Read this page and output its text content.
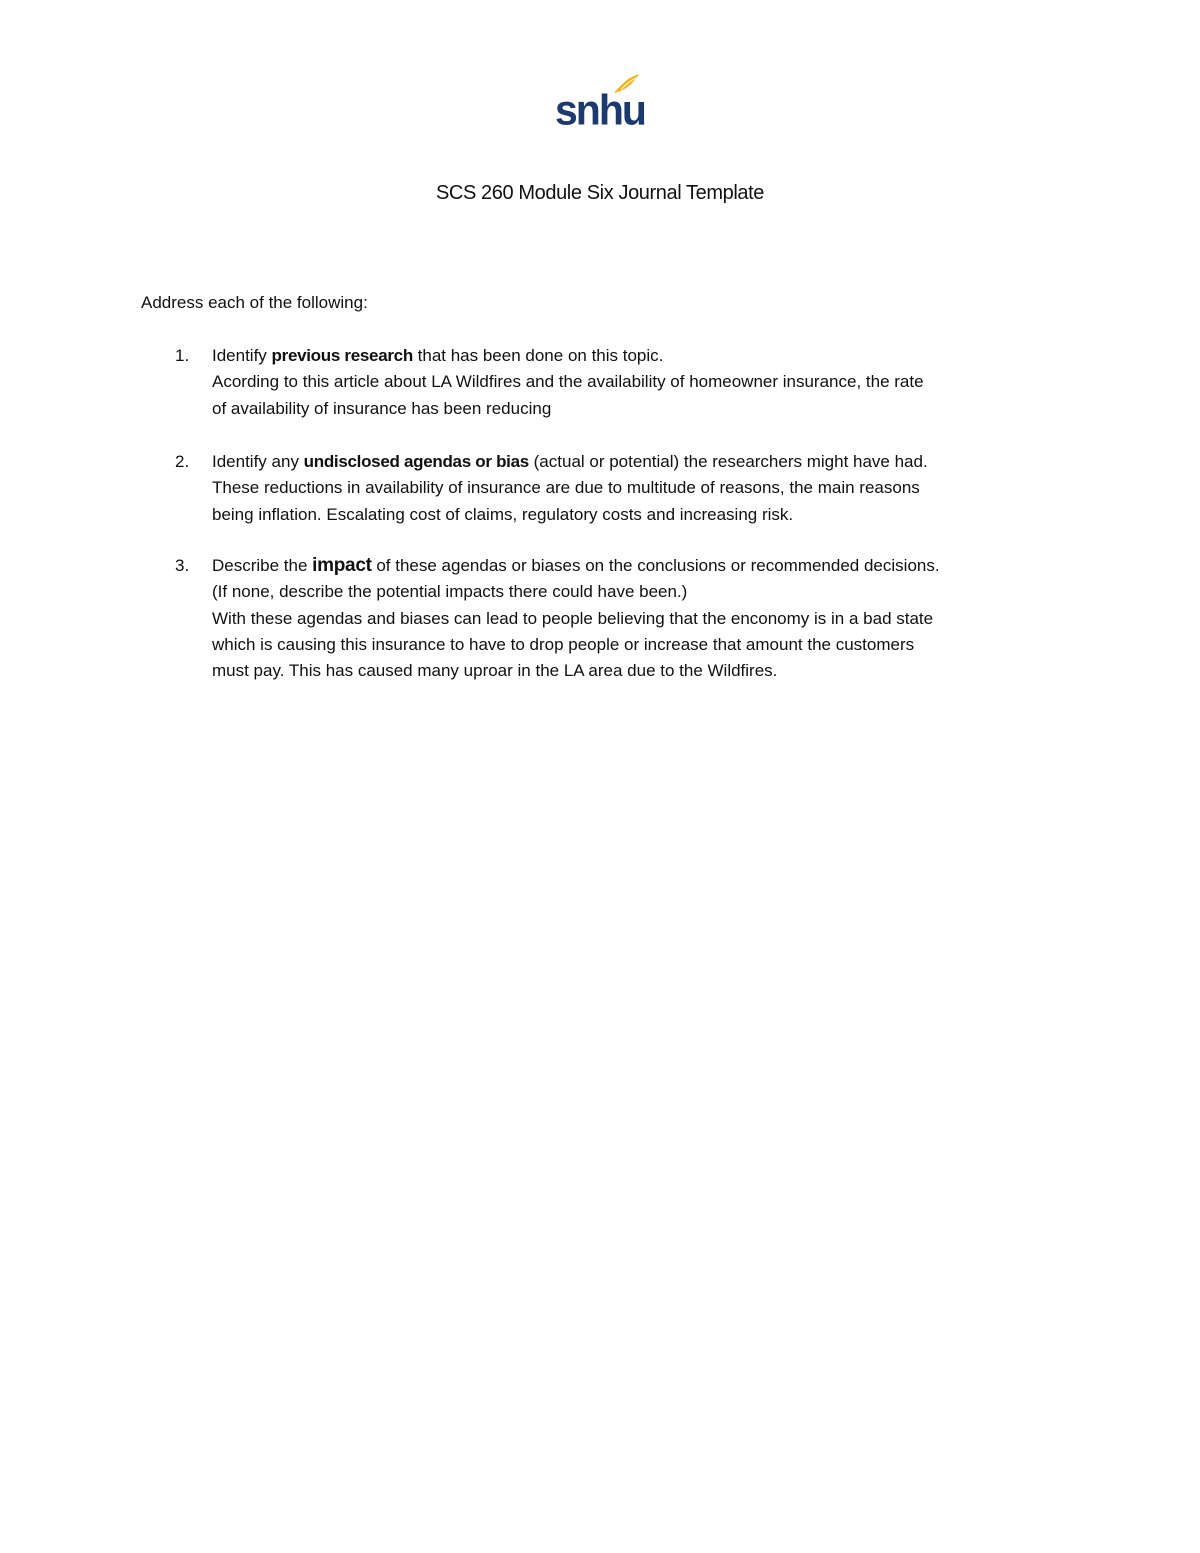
snhu
SCS 260 Module Six Journal Template

Address each of the following:

1. Identify previous research that has been done on this topic.
Acording to this article about LA Wildfires and the availability of homeowner insurance, the rate
of availability of insurance has been reducing
2. Identify any undisclosed agendas or bias (actual or potential) the researchers might have had.
These reductions in availability of insurance are due to multitude of reasons, the main reasons
being inflation. Escalating cost of claims, regulatory costs and increasing risk.
3. Describe the impact of these agendas or biases on the conclusions or recommended decisions.
(If none, describe the potential impacts there could have been.)
With these agendas and biases can lead to people believing that the enconomy is in a bad state
which is causing this insurance to have to drop people or increase that amount the customers
must pay. This has caused many uproar in the LA area due to the Wildfires.
